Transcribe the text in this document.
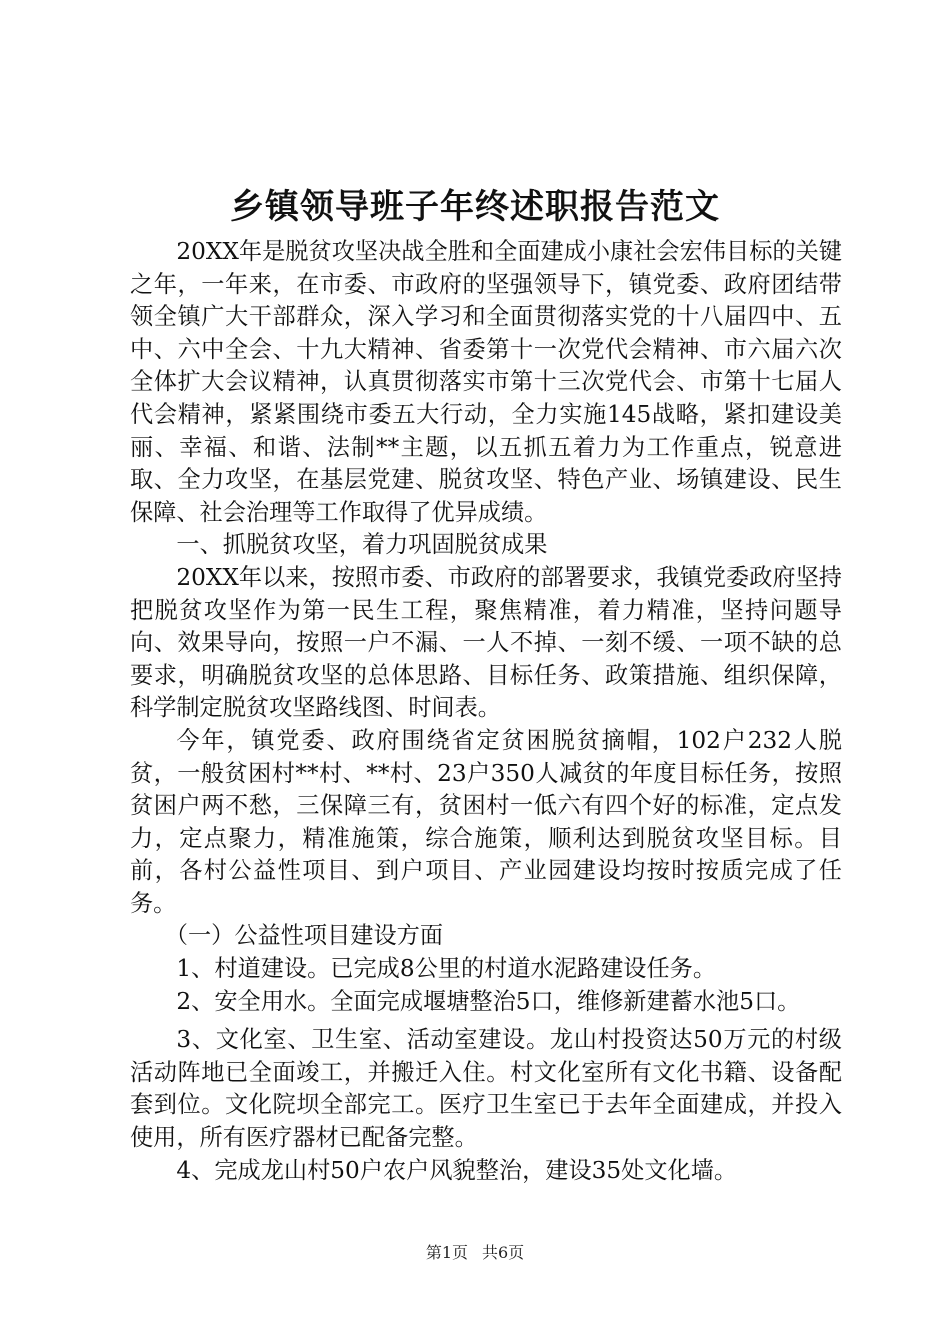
乡镇领导班子年终述职报告范文

20XX年是脱贫攻坚决战全胜和全面建成小康社会宏伟目标的关键之年，一年来，在市委、市政府的坚强领导下，镇党委、政府团结带领全镇广大干部群众，深入学习和全面贯彻落实党的十八届四中、五中、六中全会、十九大精神、省委第十一次党代会精神、市六届六次全体扩大会议精神，认真贯彻落实市第十三次党代会、市第十七届人代会精神，紧紧围绕市委五大行动，全力实施145战略，紧扣建设美丽、幸福、和谐、法制**主题，以五抓五着力为工作重点，锐意进取、全力攻坚，在基层党建、脱贫攻坚、特色产业、场镇建设、民生保障、社会治理等工作取得了优异成绩。

一、抓脱贫攻坚，着力巩固脱贫成果

20XX年以来，按照市委、市政府的部署要求，我镇党委政府坚持把脱贫攻坚作为第一民生工程，聚焦精准，着力精准，坚持问题导向、效果导向，按照一户不漏、一人不掉、一刻不缓、一项不缺的总要求，明确脱贫攻坚的总体思路、目标任务、政策措施、组织保障，科学制定脱贫攻坚路线图、时间表。

今年，镇党委、政府围绕省定贫困脱贫摘帽，102户232人脱贫，一般贫困村**村、**村、23户350人减贫的年度目标任务，按照贫困户两不愁，三保障三有，贫困村一低六有四个好的标准，定点发力，定点聚力，精准施策，综合施策，顺利达到脱贫攻坚目标。目前，各村公益性项目、到户项目、产业园建设均按时按质完成了任务。

（一）公益性项目建设方面

1、村道建设。已完成8公里的村道水泥路建设任务。

2、安全用水。全面完成堰塘整治5口，维修新建蓄水池5口。

3、文化室、卫生室、活动室建设。龙山村投资达50万元的村级活动阵地已全面竣工，并搬迁入住。村文化室所有文化书籍、设备配套到位。文化院坝全部完工。医疗卫生室已于去年全面建成，并投入使用，所有医疗器材已配备完整。

4、完成龙山村50户农户风貌整治，建设35处文化墙。

第1页 共6页
